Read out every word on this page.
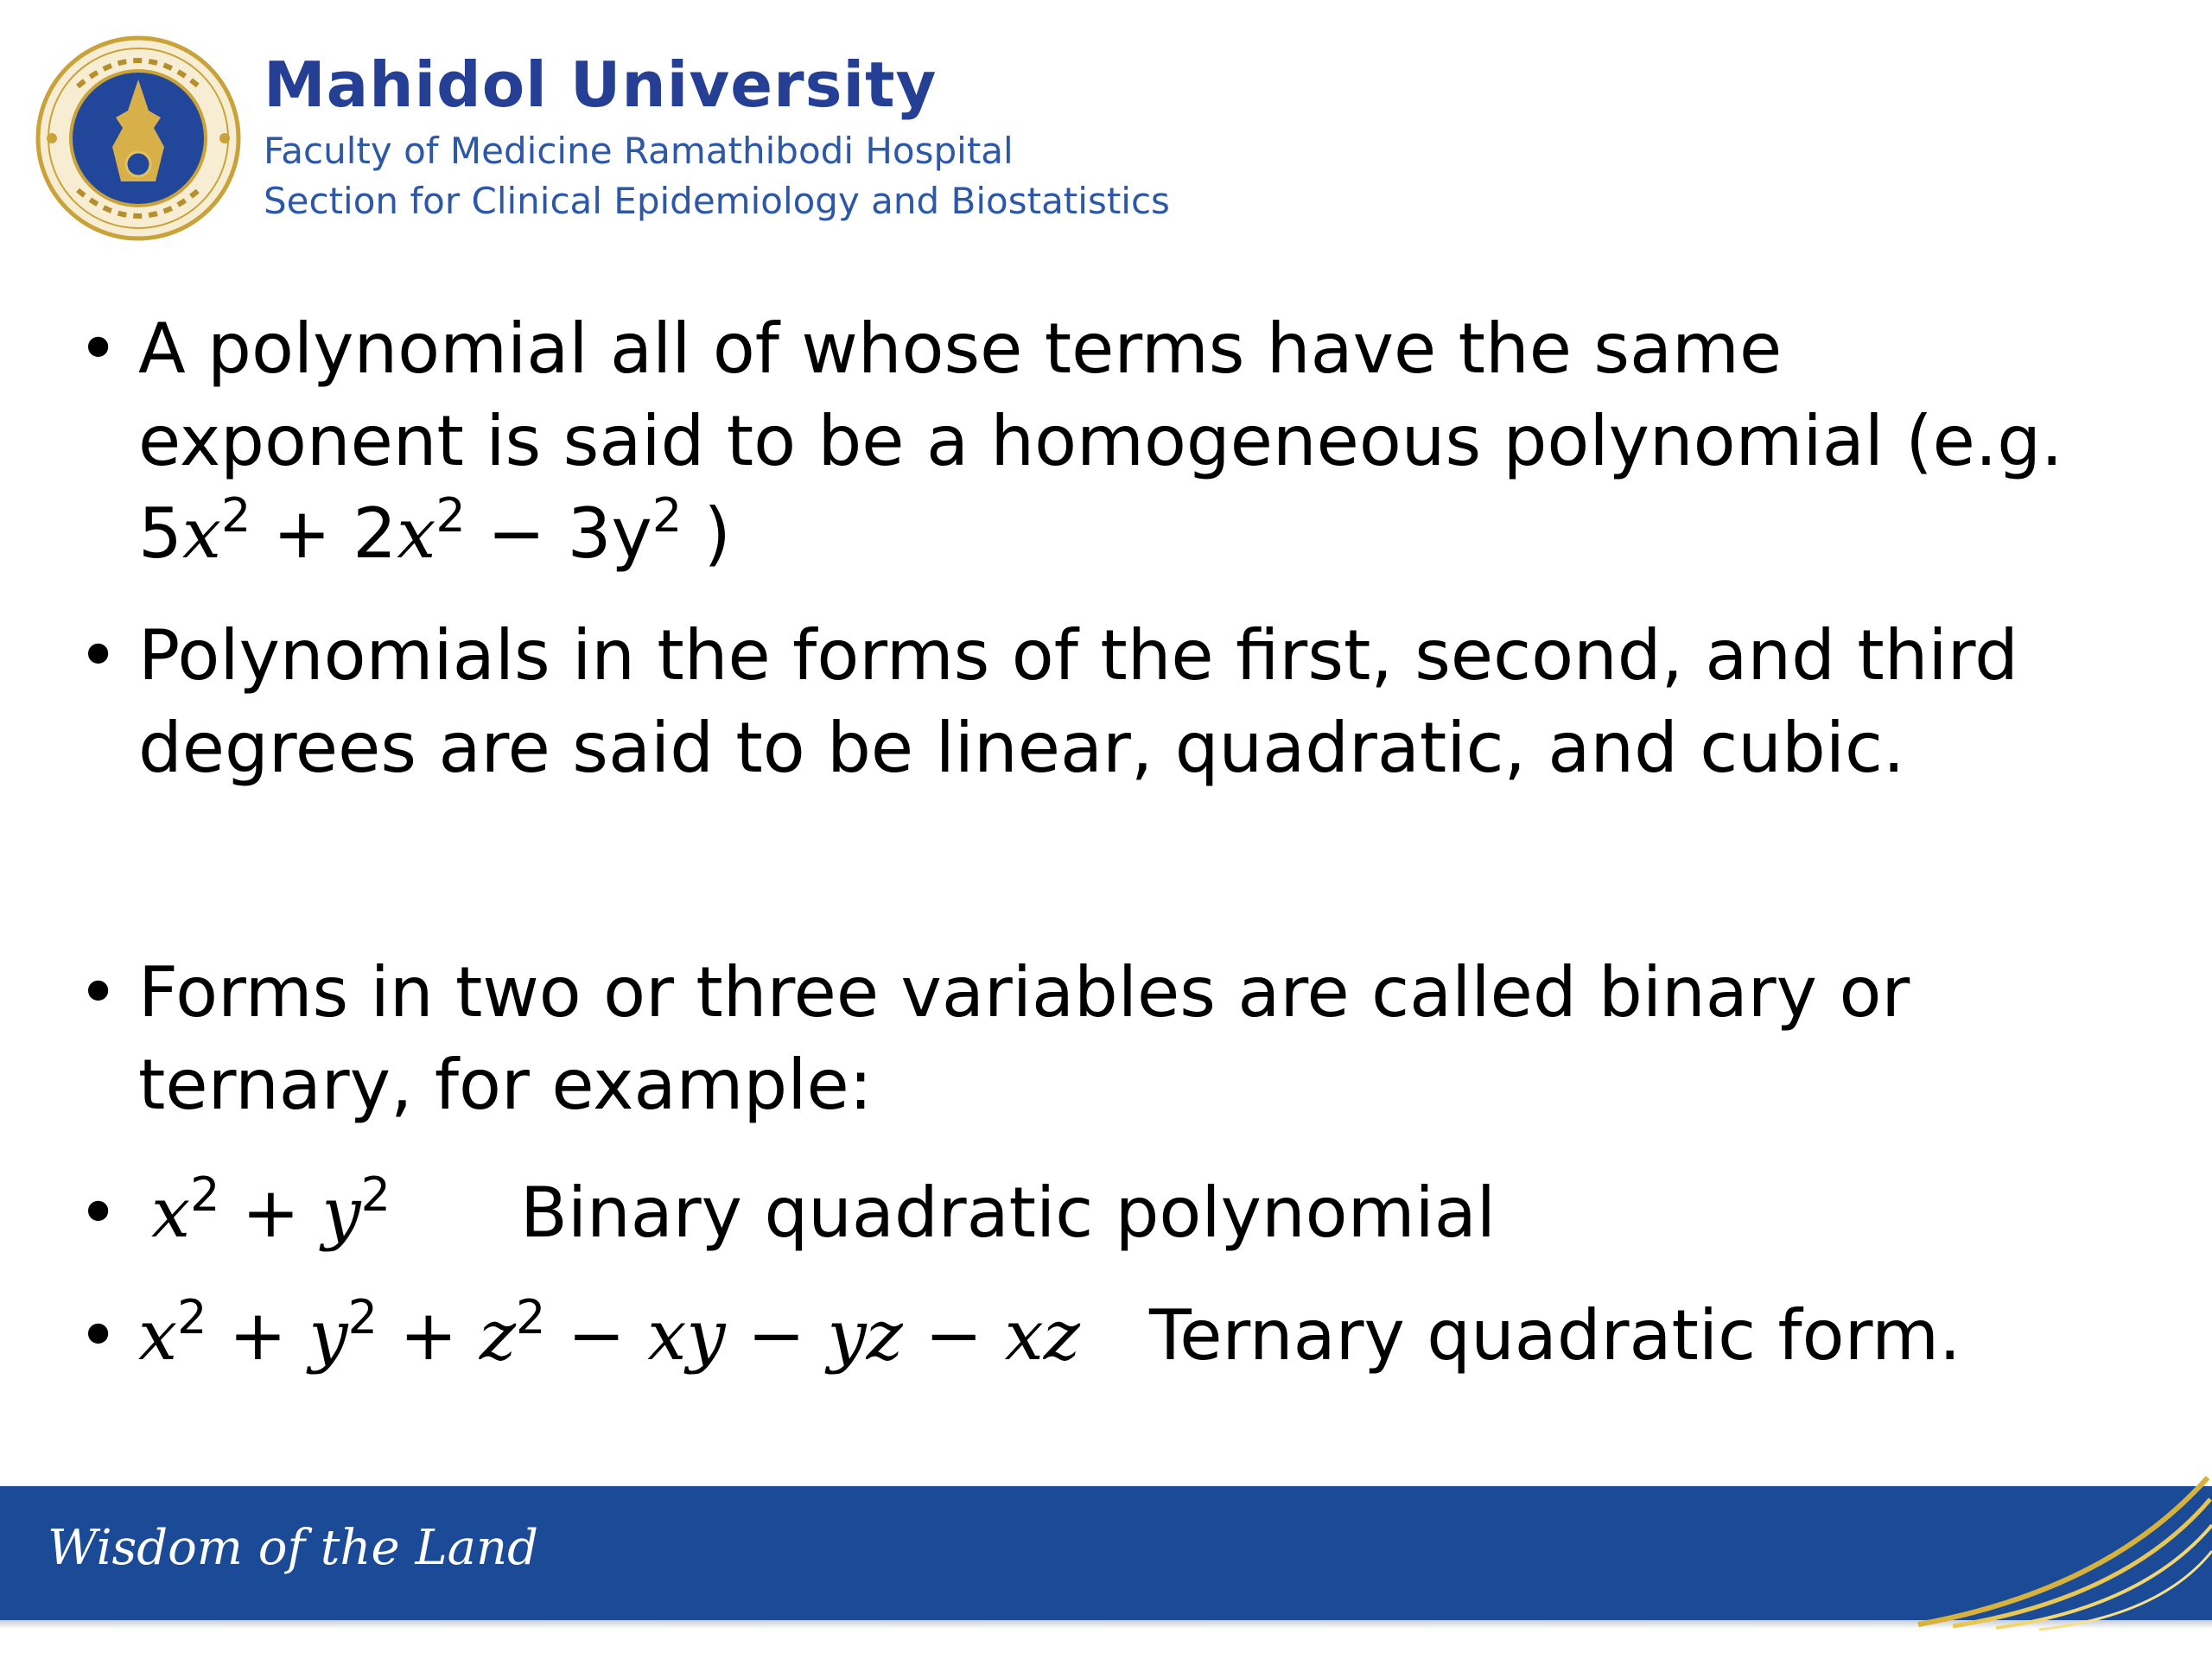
Mahidol University
Faculty of Medicine Ramathibodi Hospital
Section for Clinical Epidemiology and Biostatistics
• A polynomial all of whose terms have the same
exponent is said to be a homogeneous polynomial (e.g.
$5x^2 + 2x^2 - 3y^2$ )
• Polynomials in the forms of the first, second, and third
degrees are said to be linear, quadratic, and cubic.
• Forms in two or three variables are called binary or
ternary, for example:
• $x^2 + y^2$ Binary quadratic polynomial
• $x^2 + y^2 + z^2$ − xy − yz − xz Ternary quadratic form.
Wisdom of the Land
